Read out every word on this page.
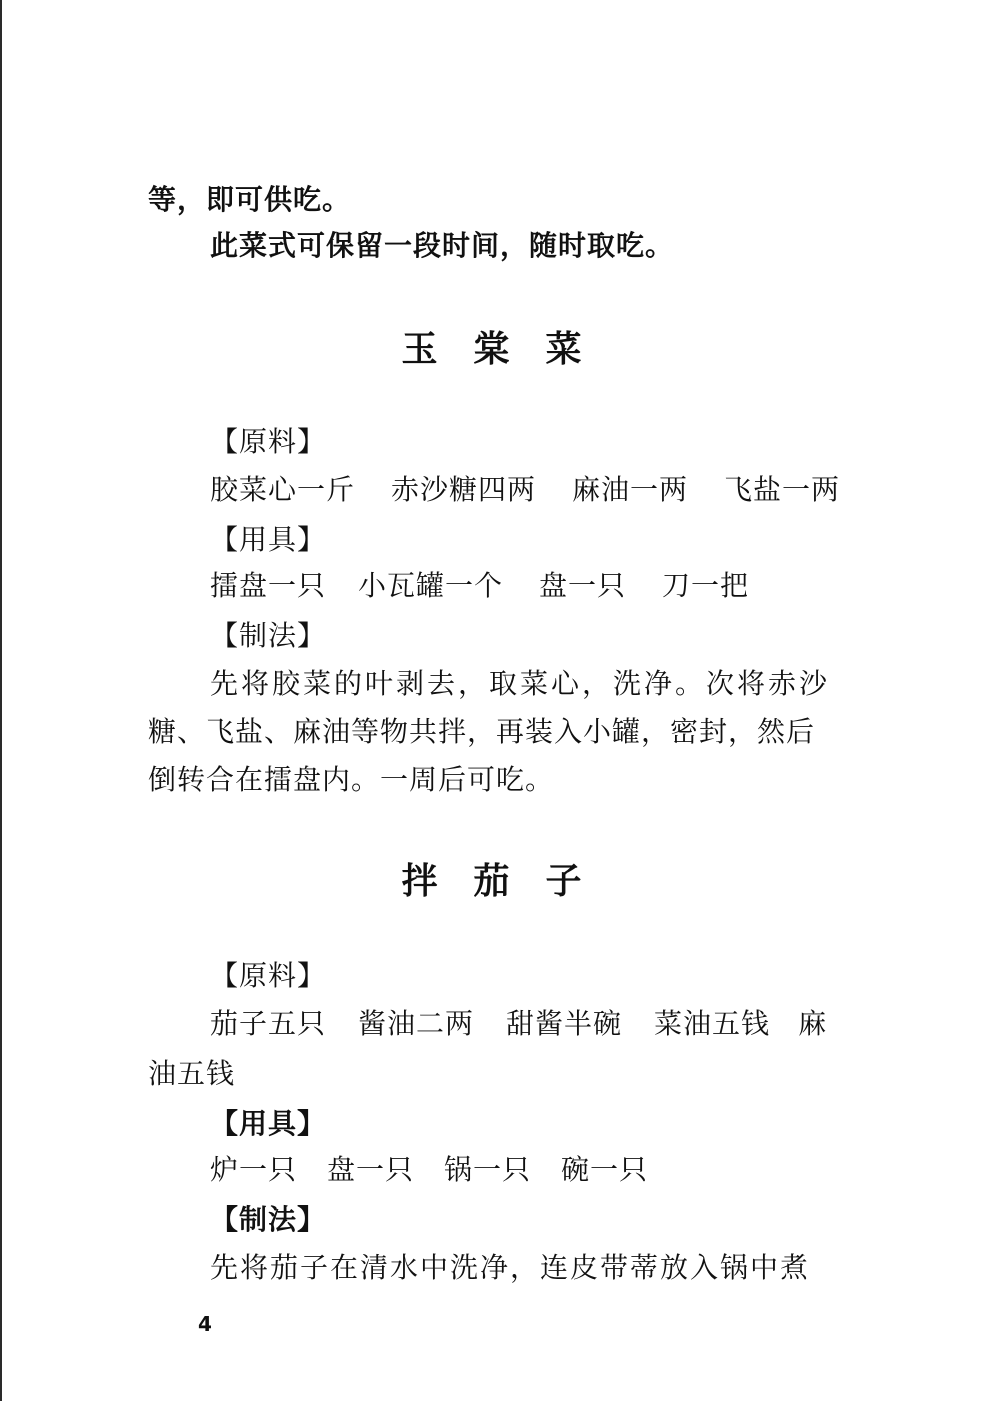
等，即可供吃。
此菜式可保留一段时间，随时取吃。
玉棠菜
【原料】
胶菜心一斤 赤沙糖四两 麻油一两 飞盐一两
【用具】
擂盘一只 小瓦罐一个 盘一只 刀一把
【制法】
先将胶菜的叶剥去，取菜心，洗净。次将赤沙
糖、飞盐、麻油等物共拌，再装入小罐，密封，然后
倒转合在擂盘内。一周后可吃。
拌茄子
【原料】
茄子五只 酱油二两 甜酱半碗 菜油五钱 麻
油五钱
【用具】
炉一只 盘一只 锅一只 碗一只
【制法】
先将茄子在清水中洗净，连皮带蒂放入锅中煮
4
